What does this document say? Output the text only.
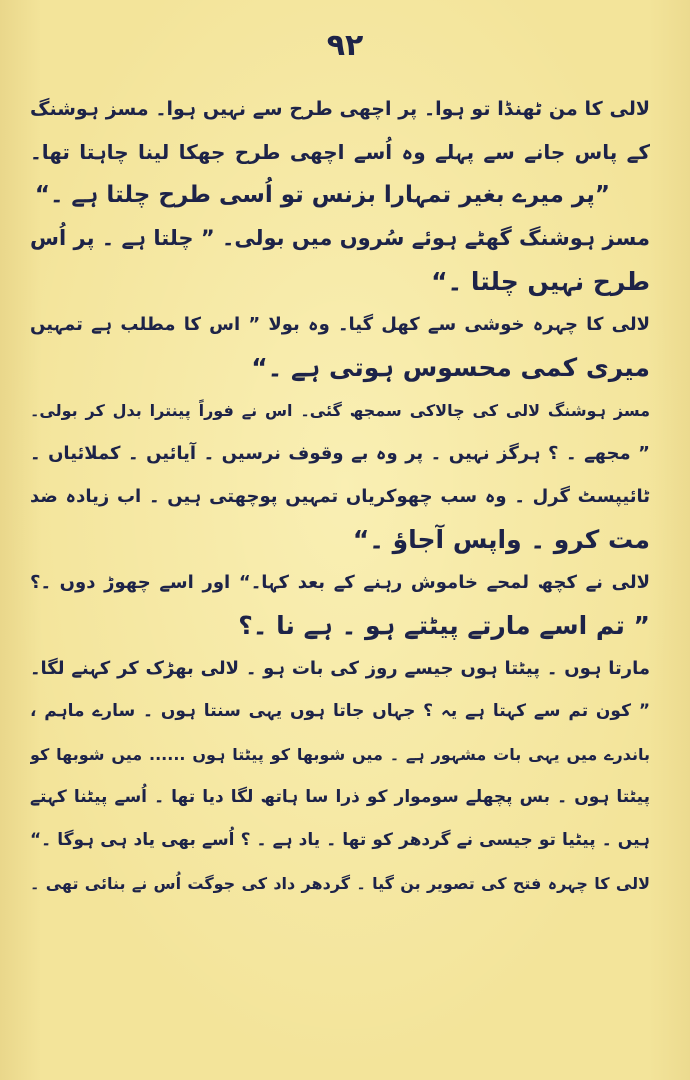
۹۲
لالی کا من ٹھنڈا تو ہوا۔ پر اچھی طرح سے نہیں ہوا۔ مسز ہوشنگ
کے پاس جانے سے پہلے وہ اُسے اچھی طرح جھکا لینا چاہتا تھا۔
”پر میرے بغیر تمہارا بزنس تو اُسی طرح چلتا ہے ۔“
مسز ہوشنگ گھٹے ہوئے سُروں میں بولی۔ ” چلتا ہے ۔ پر اُس
طرح نہیں چلتا ۔“
لالی کا چہرہ خوشی سے کھل گیا۔ وہ بولا ” اس کا مطلب ہے تمہیں
میری کمی محسوس ہوتی ہے ۔“
مسز ہوشنگ لالی کی چالاکی سمجھ گئی۔ اس نے فوراً پینترا بدل کر بولی۔
” مجھے ۔ ؟ ہرگز نہیں ۔ پر وہ بے وقوف نرسیں ۔ آیائیں ۔ کملائیاں ۔
ٹائیپسٹ گرل ۔ وہ سب چھوکریاں تمہیں پوچھتی ہیں ۔ اب زیادہ ضد
مت کرو ۔ واپس آجاؤ ۔“
لالی نے کچھ لمحے خاموش رہنے کے بعد کہا۔“ اور اسے چھوڑ دوں ۔؟
” تم اسے مارتے پیٹتے ہو ۔ ہے نا ۔؟
مارتا ہوں ۔ پیٹتا ہوں جیسے روز کی بات ہو ۔ لالی بھڑک کر کہنے لگا۔
” کون تم سے کہتا ہے یہ ؟ جہاں جاتا ہوں یہی سنتا ہوں ۔ سارے ماہم ،
باندرے میں یہی بات مشہور ہے ۔ میں شوبھا کو پیٹتا ہوں ...... میں شوبھا کو
پیٹتا ہوں ۔ بس پچھلے سوموار کو ذرا سا ہاتھ لگا دیا تھا ۔ اُسے پیٹنا کہتے
ہیں ۔ پیٹیا تو جیسی نے گردھر کو تھا ۔ یاد ہے ۔ ؟ اُسے بھی یاد ہی ہوگا ۔“
لالی کا چہرہ فتح کی تصویر بن گیا ۔ گردھر داد کی جوگت اُس نے بنائی تھی ۔
